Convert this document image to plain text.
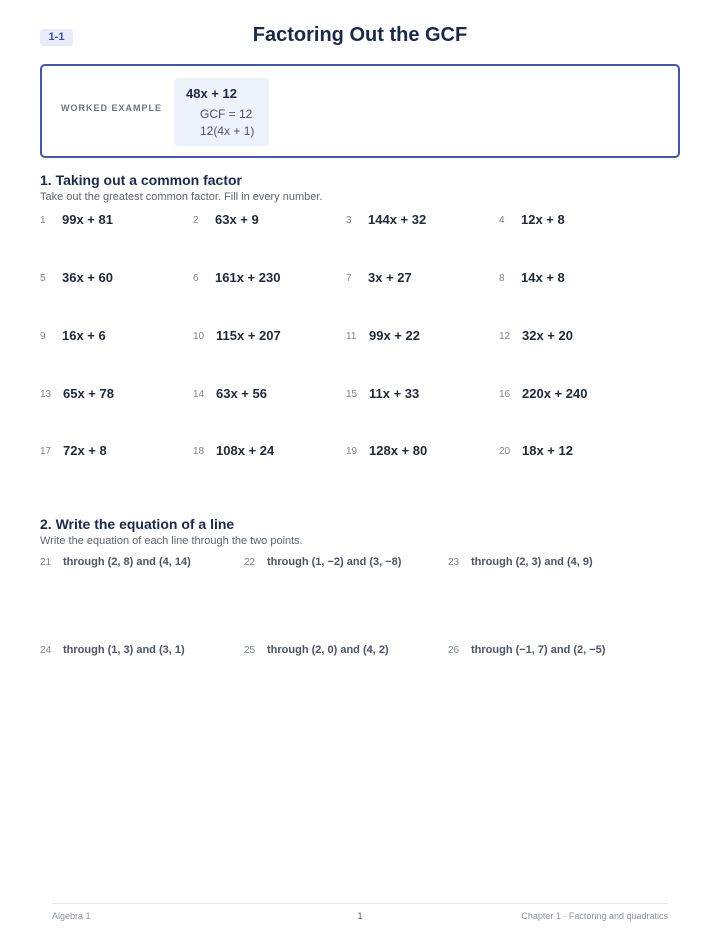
1-1	Factoring Out the GCF
WORKED EXAMPLE
48x + 12
GCF = 12
12(4x + 1)
1. Taking out a common factor
Take out the greatest common factor. Fill in every number.
1	99x + 81	2	63x + 9	3	144x + 32	4	12x + 8
5	36x + 60	6	161x + 230	7	3x + 27	8	14x + 8
9	16x + 6	10 115x + 207	11 99x + 22	12 32x + 20
13 65x + 78	14 63x + 56	15 11x + 33	16 220x + 240
17 72x + 8	18 108x + 24	19 128x + 80	20 18x + 12
2. Write the equation of a line
Write the equation of each line through the two points.
21 through (2, 8) and (4, 14)	22 through (1, −2) and (3, −8)	23 through (2, 3) and (4, 9)
24 through (1, 3) and (3, 1)	25 through (2, 0) and (4, 2)	26 through (−1, 7) and (2, −5)
Algebra 1	1	Chapter 1 · Factoring and quadratics
